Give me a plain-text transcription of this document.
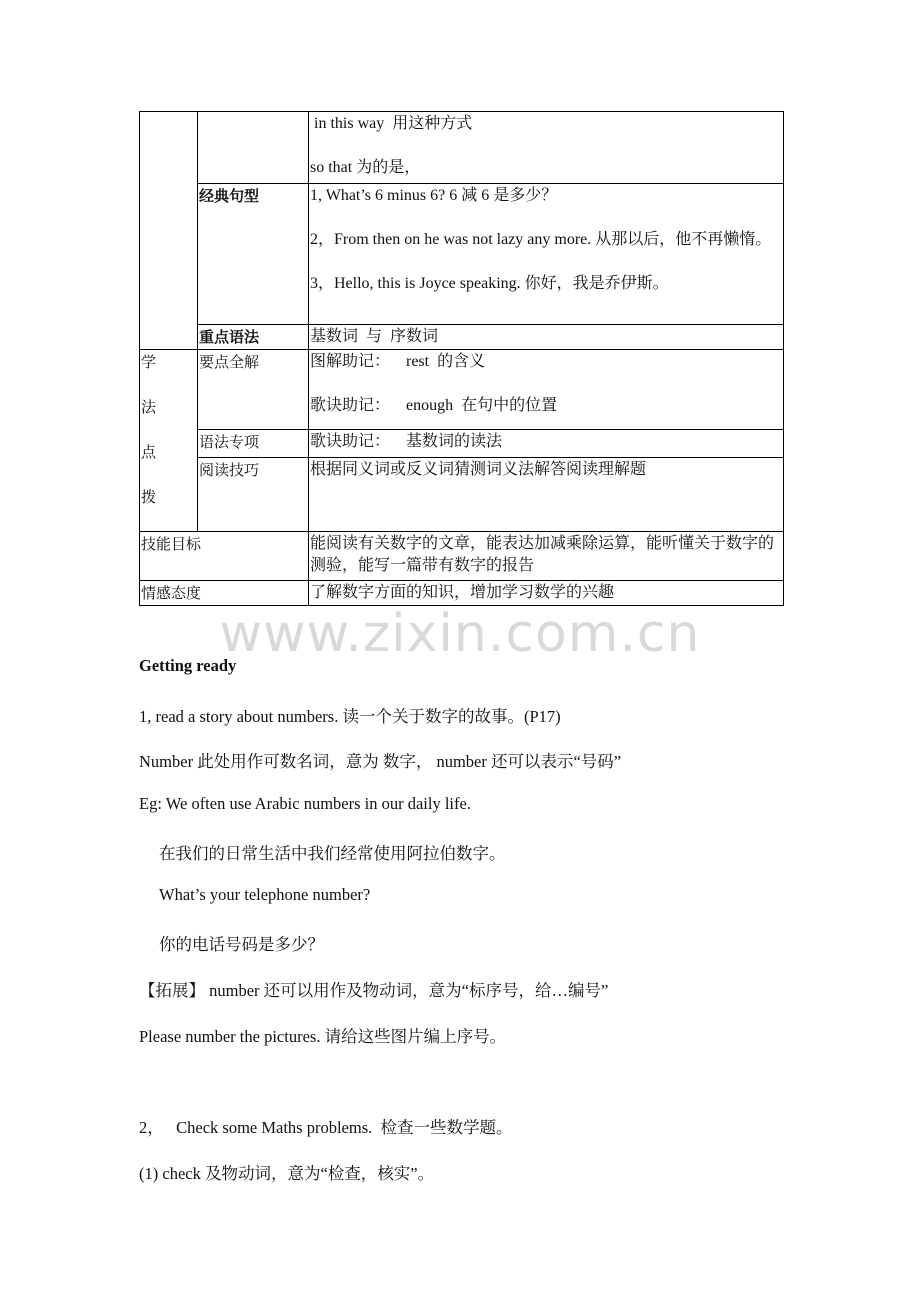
		in this way  用这种方式
so that 为的是，
	经典句型	1, What’s 6 minus 6? 6 减 6 是多少？
2，From then on he was not lazy any more. 从那以后，他不再懒惰。
3，Hello, this is Joyce speaking. 你好，我是乔伊斯。
	重点语法	基数词  与  序数词

学
法
点
拨	要点全解	图解助记：    rest  的含义
歌诀助记：    enough  在句中的位置
	语法专项	歌诀助记：    基数词的读法
	阅读技巧	根据同义词或反义词猜测词义法解答阅读理解题
技能目标		能阅读有关数字的文章，能表达加减乘除运算，能听懂关于数字的测验，能写一篇带有数字的报告
情感态度		了解数字方面的知识，增加学习数学的兴趣
www.zixin.com.cn
Getting ready
1, read a story about numbers. 读一个关于数字的故事。(P17)
Number 此处用作可数名词，意为 数字， number 还可以表示“号码”
Eg: We often use Arabic numbers in our daily life.
在我们的日常生活中我们经常使用阿拉伯数字。
What’s your telephone number?
你的电话号码是多少？
【拓展】 number 还可以用作及物动词，意为“标序号，给…编号”
Please number the pictures. 请给这些图片编上序号。
2，   Check some Maths problems.  检查一些数学题。
(1) check 及物动词，意为“检查，核实”。
